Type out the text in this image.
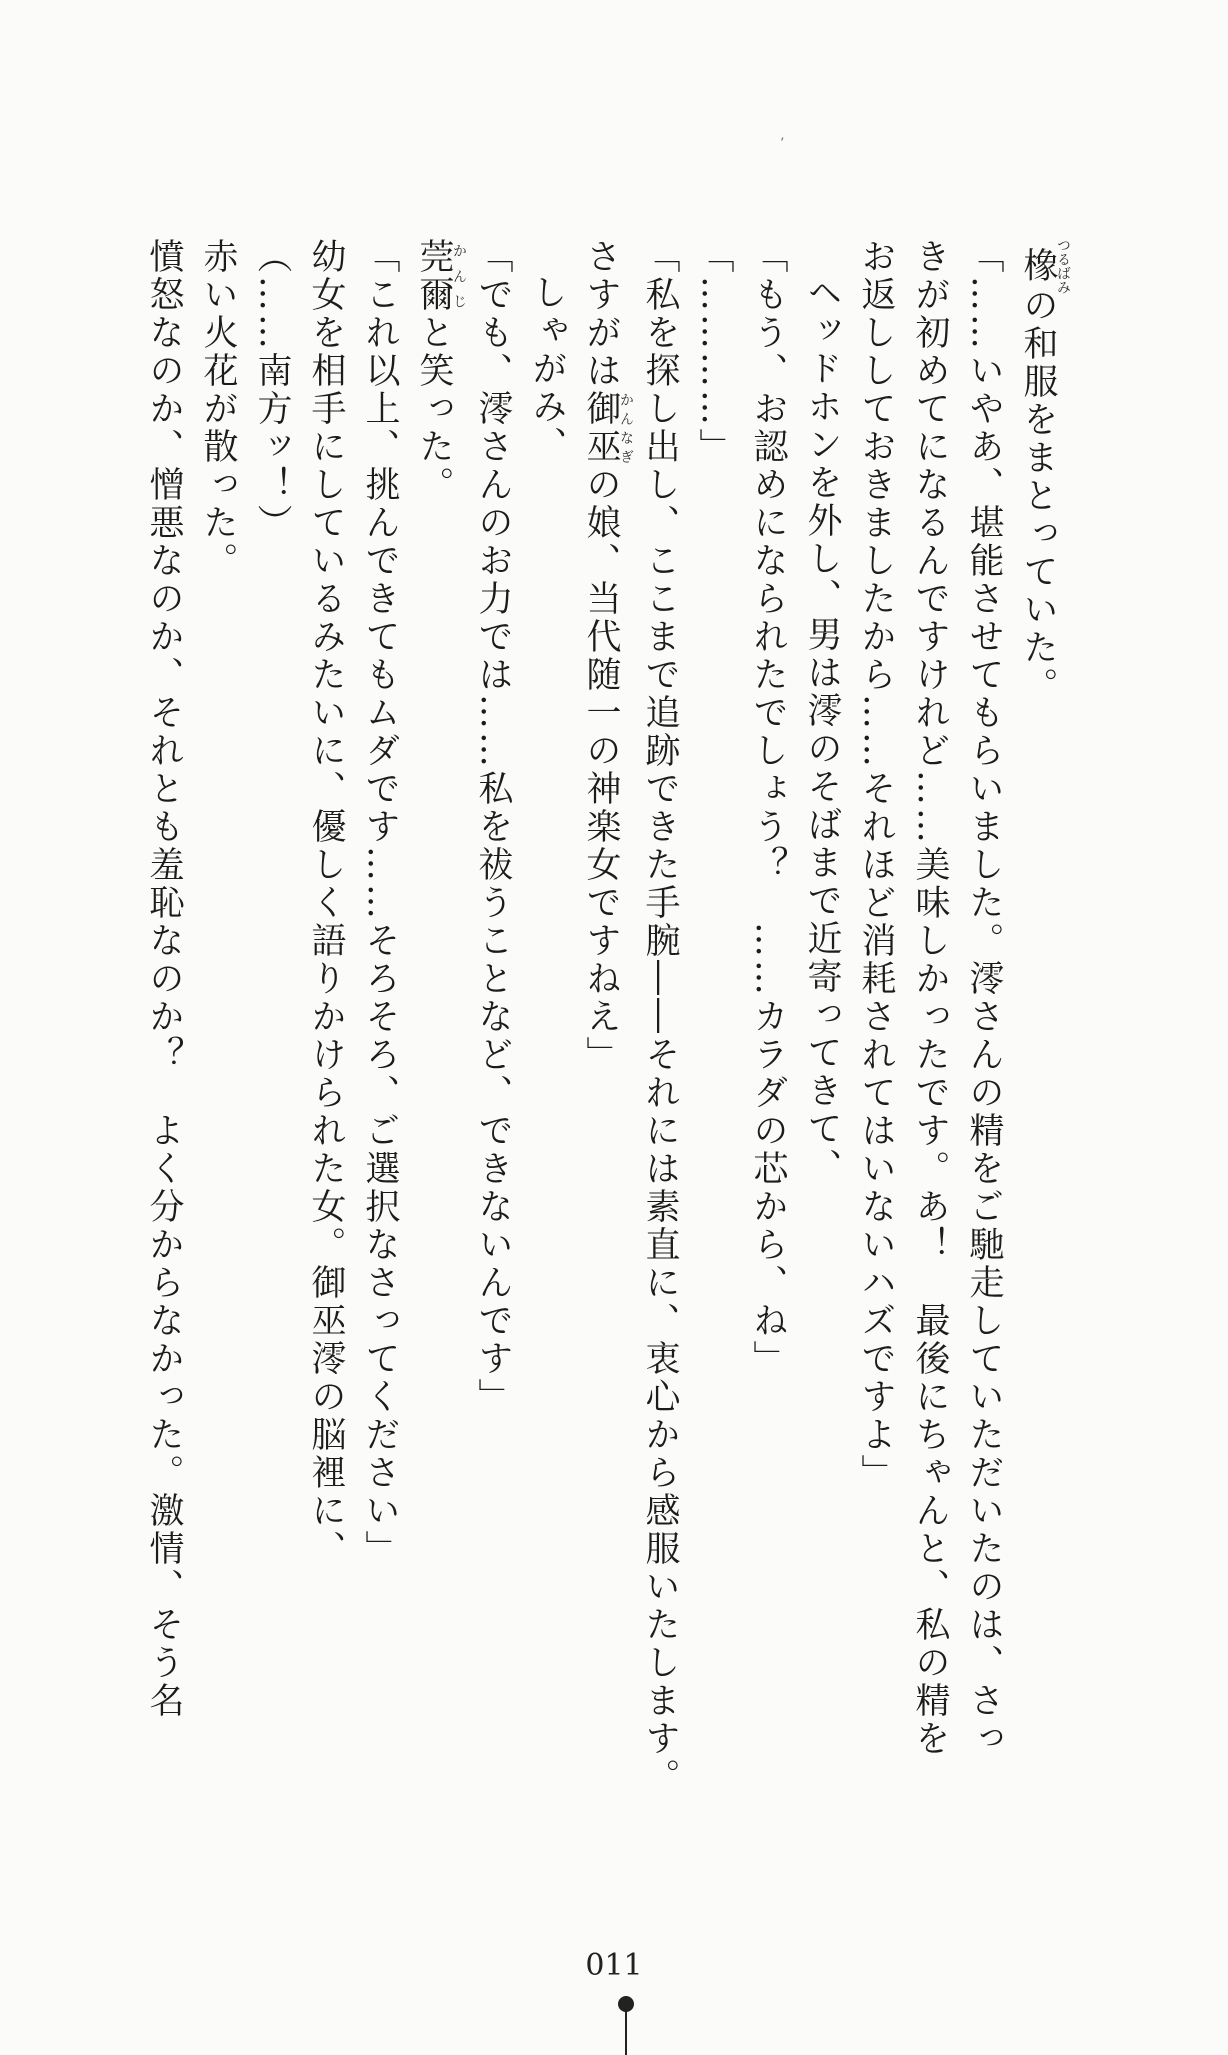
’
橡つるばみの和服をまとっていた。
「……いやあ、堪能させてもらいました。澪さんの精をご馳走していただいたのは、さっ
きが初めてになるんですけれど……美味しかったです。あ！　最後にちゃんと、私の精を
お返ししておきましたから……それほど消耗されてはいないハズですよ」
ヘッドホンを外し、男は澪のそばまで近寄ってきて、
「もう、お認めになられたでしょう？　……カラダの芯から、ね」
「…………」
「私を探し出し、ここまで追跡できた手腕――それには素直に、衷心から感服いたします。
さすがは御巫かんなぎの娘、当代随一の神楽女ですねえ」
しゃがみ、
「でも、澪さんのお力では……私を祓うことなど、できないんです」
莞爾かんじと笑った。
「これ以上、挑んできてもムダです……そろそろ、ご選択なさってください」
幼女を相手にしているみたいに、優しく語りかけられた女。御巫澪の脳裡に、
（……南方ッ！）
赤い火花が散った。
憤怒なのか、憎悪なのか、それとも羞恥なのか？　よく分からなかった。激情、そう名
011
